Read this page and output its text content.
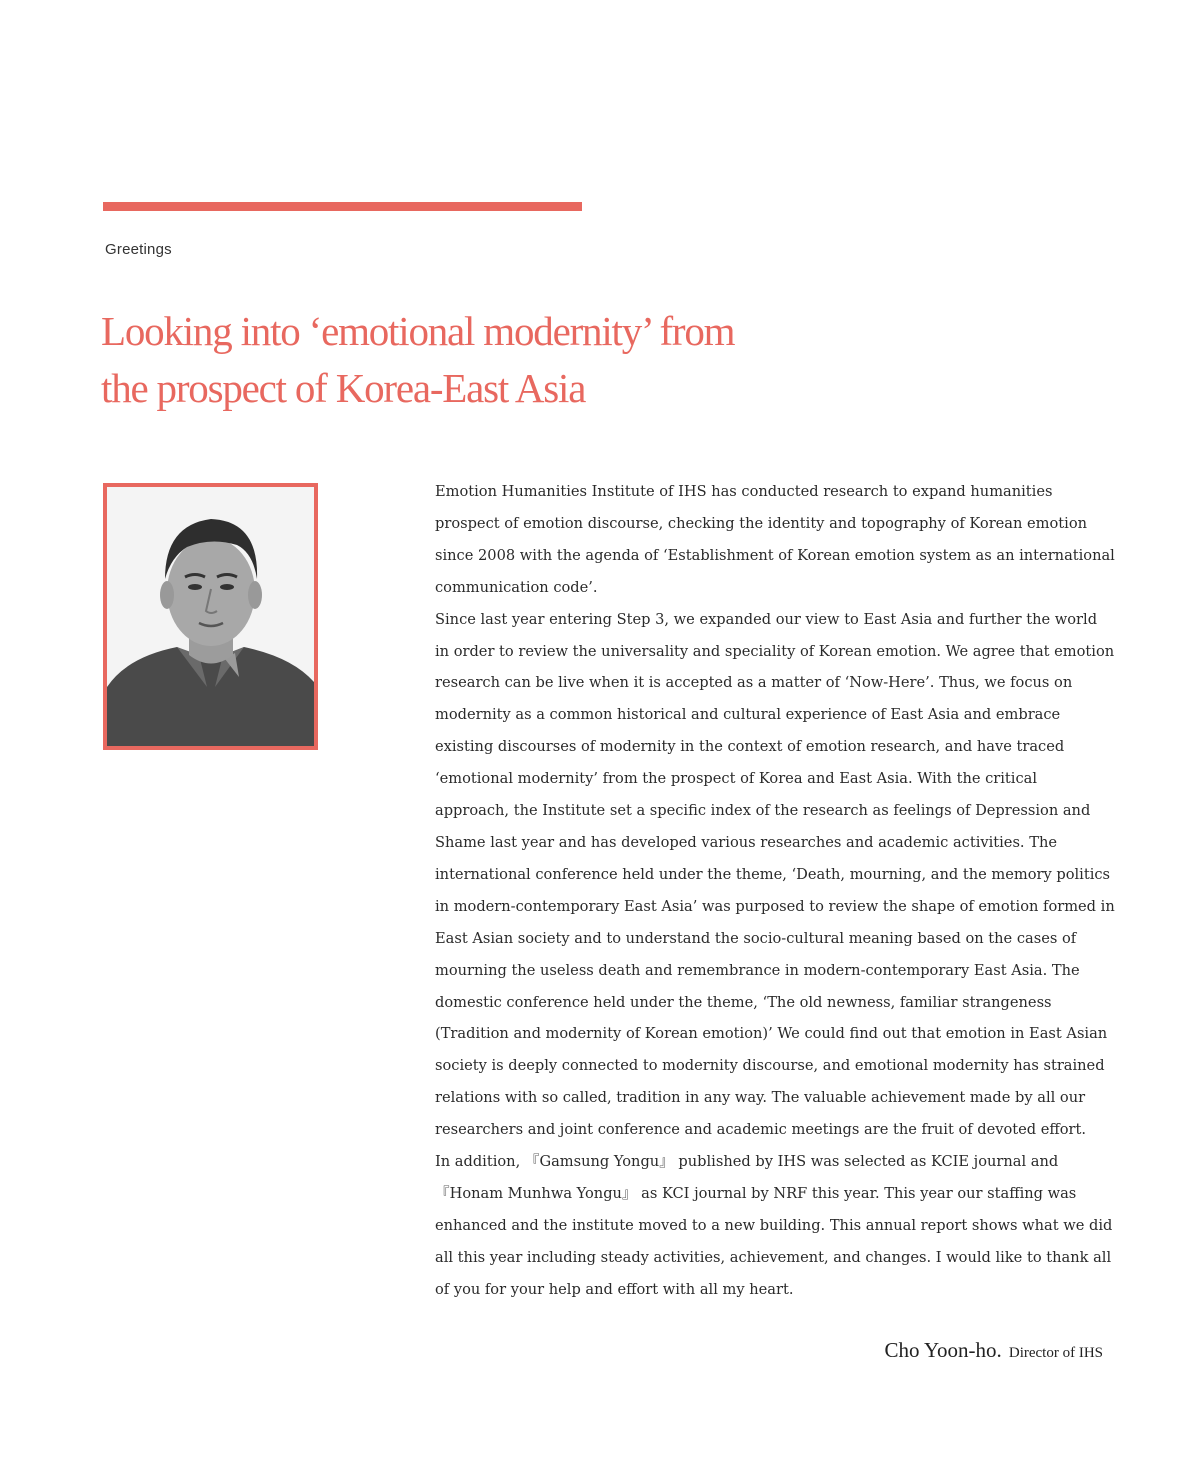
Greetings
Looking into ‘emotional modernity’ from
the prospect of Korea-East Asia

Emotion Humanities Institute of IHS has conducted research to expand humanities prospect of emotion discourse, checking the identity and topography of Korean emotion since 2008 with the agenda of ‘Establishment of Korean emotion system as an international communication code’.

Since last year entering Step 3, we expanded our view to East Asia and further the world in order to review the universality and speciality of Korean emotion. We agree that emotion research can be live when it is accepted as a matter of ‘Now-Here’. Thus, we focus on modernity as a common historical and cultural experience of East Asia and embrace existing discourses of modernity in the context of emotion research, and have traced ‘emotional modernity’ from the prospect of Korea and East Asia. With the critical approach, the Institute set a specific index of the research as feelings of Depression and Shame last year and has developed various researches and academic activities. The international conference held under the theme, ‘Death, mourning, and the memory politics in modern-contemporary East Asia’ was purposed to review the shape of emotion formed in East Asian society and to understand the socio-cultural meaning based on the cases of mourning the useless death and remembrance in modern-contemporary East Asia. The domestic conference held under the theme, ‘The old newness, familiar strangeness (Tradition and modernity of Korean emotion)’ We could find out that emotion in East Asian society is deeply connected to modernity discourse, and emotional modernity has strained relations with so called, tradition in any way. The valuable achievement made by all our researchers and joint conference and academic meetings are the fruit of devoted effort.

In addition, 『Gamsung Yongu』 published by IHS was selected as KCIE journal and 『Honam Munhwa Yongu』 as KCI journal by NRF this year. This year our staffing was enhanced and the institute moved to a new building. This annual report shows what we did all this year including steady activities, achievement, and changes. I would like to thank all of you for your help and effort with all my heart.

Cho Yoon-ho. Director of IHS
